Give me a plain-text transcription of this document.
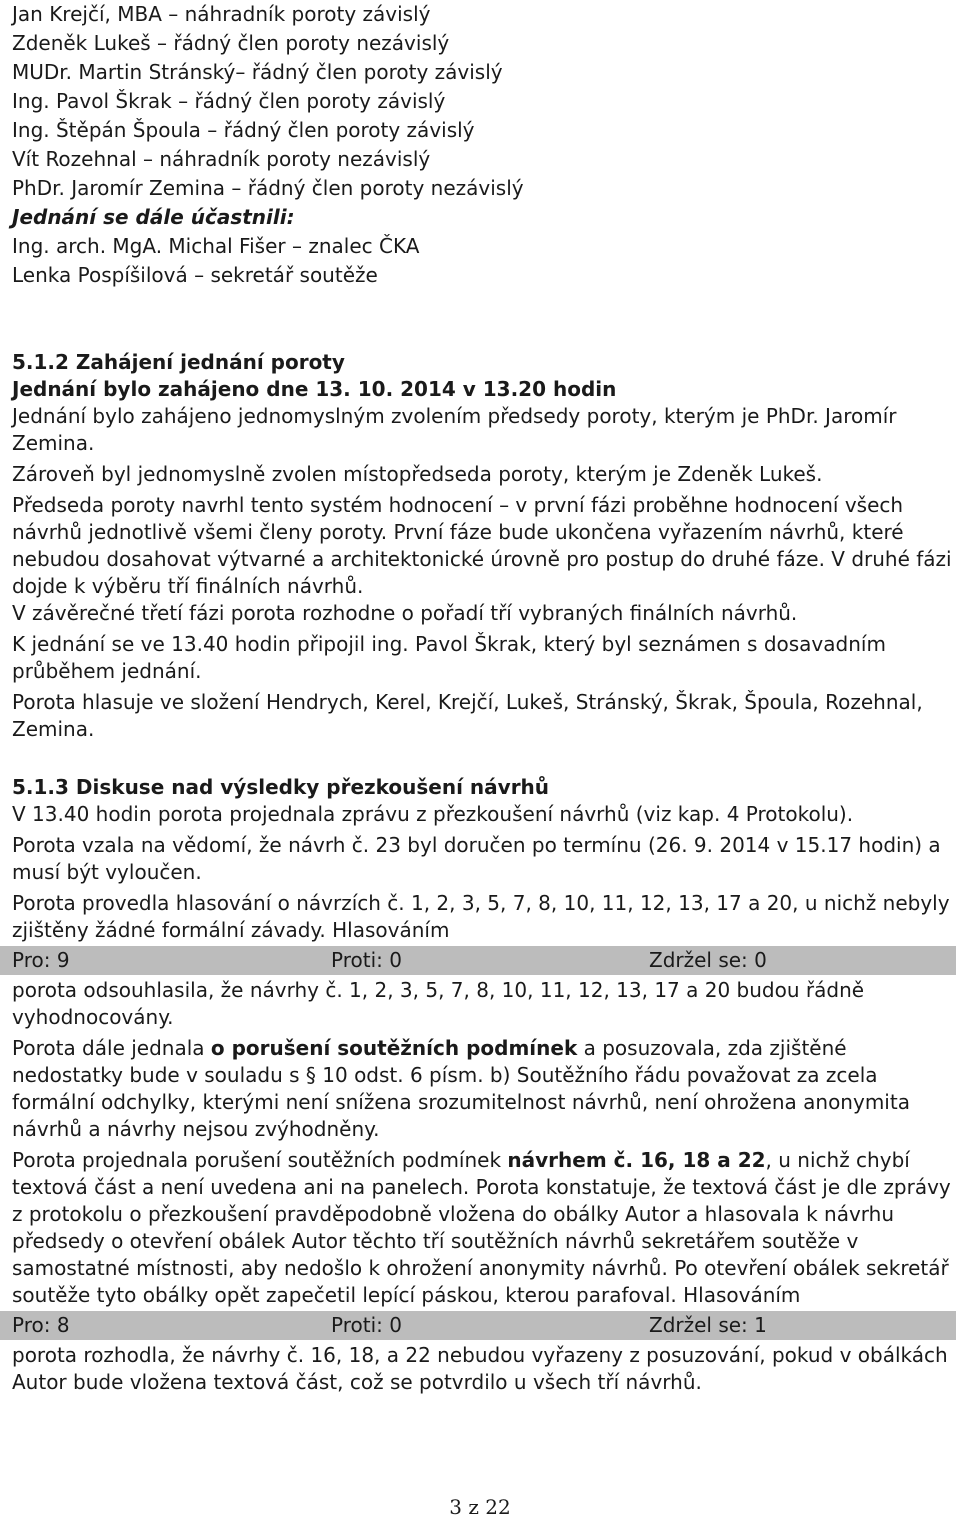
Jan Krejčí, MBA – náhradník poroty závislý
Zdeněk Lukeš – řádný člen poroty nezávislý
MUDr. Martin Stránský– řádný člen poroty závislý
Ing. Pavol Škrak – řádný člen poroty závislý
Ing. Štěpán Špoula – řádný člen poroty závislý
Vít Rozehnal – náhradník poroty nezávislý
PhDr. Jaromír Zemina – řádný člen poroty nezávislý
Jednání se dále účastnili:
Ing. arch. MgA. Michal Fišer – znalec ČKA
Lenka Pospíšilová – sekretář soutěže
5.1.2 Zahájení jednání poroty
Jednání bylo zahájeno dne 13. 10. 2014 v 13.20 hodin

Jednání bylo zahájeno jednomyslným zvolením předsedy poroty, kterým je PhDr. Jaromír Zemina.

Zároveň byl jednomyslně zvolen místopředseda poroty, kterým je Zdeněk Lukeš.

Předseda poroty navrhl tento systém hodnocení – v první fázi proběhne hodnocení všech návrhů jednotlivě všemi členy poroty. První fáze bude ukončena vyřazením návrhů, které nebudou dosahovat výtvarné a architektonické úrovně pro postup do druhé fáze. V druhé fázi dojde k výběru tří finálních návrhů.

V závěrečné třetí fázi porota rozhodne o pořadí tří vybraných finálních návrhů.

K jednání se ve 13.40 hodin připojil ing. Pavol Škrak, který byl seznámen s dosavadním průběhem jednání.

Porota hlasuje ve složení Hendrych, Kerel, Krejčí, Lukeš, Stránský, Škrak, Špoula, Rozehnal, Zemina.

5.1.3 Diskuse nad výsledky přezkoušení návrhů

V 13.40 hodin porota projednala zprávu z přezkoušení návrhů (viz kap. 4 Protokolu).

Porota vzala na vědomí, že návrh č. 23 byl doručen po termínu (26. 9. 2014 v 15.17 hodin) a musí být vyloučen.

Porota provedla hlasování o návrzích č. 1, 2, 3, 5, 7, 8, 10, 11, 12, 13, 17 a 20, u nichž nebyly zjištěny žádné formální závady. Hlasováním

Pro: 9	Proti: 0	Zdržel se: 0

porota odsouhlasila, že návrhy č. 1, 2, 3, 5, 7, 8, 10, 11, 12, 13, 17 a 20 budou řádně vyhodnocovány.

Porota dále jednala o porušení soutěžních podmínek a posuzovala, zda zjištěné nedostatky bude v souladu s § 10 odst. 6 písm. b) Soutěžního řádu považovat za zcela formální odchylky, kterými není snížena srozumitelnost návrhů, není ohrožena anonymita návrhů a návrhy nejsou zvýhodněny.

Porota projednala porušení soutěžních podmínek návrhem č. 16, 18 a 22, u nichž chybí textová část a není uvedena ani na panelech. Porota konstatuje, že textová část je dle zprávy z protokolu o přezkoušení pravděpodobně vložena do obálky Autor a hlasovala k návrhu předsedy o otevření obálek Autor těchto tří soutěžních návrhů sekretářem soutěže v samostatné místnosti, aby nedošlo k ohrožení anonymity návrhů. Po otevření obálek sekretář soutěže tyto obálky opět zapečetil lepící páskou, kterou parafoval. Hlasováním

Pro: 8	Proti: 0	Zdržel se: 1

porota rozhodla, že návrhy č. 16, 18, a 22 nebudou vyřazeny z posuzování, pokud v obálkách Autor bude vložena textová část, což se potvrdilo u všech tří návrhů.

3 z 22
